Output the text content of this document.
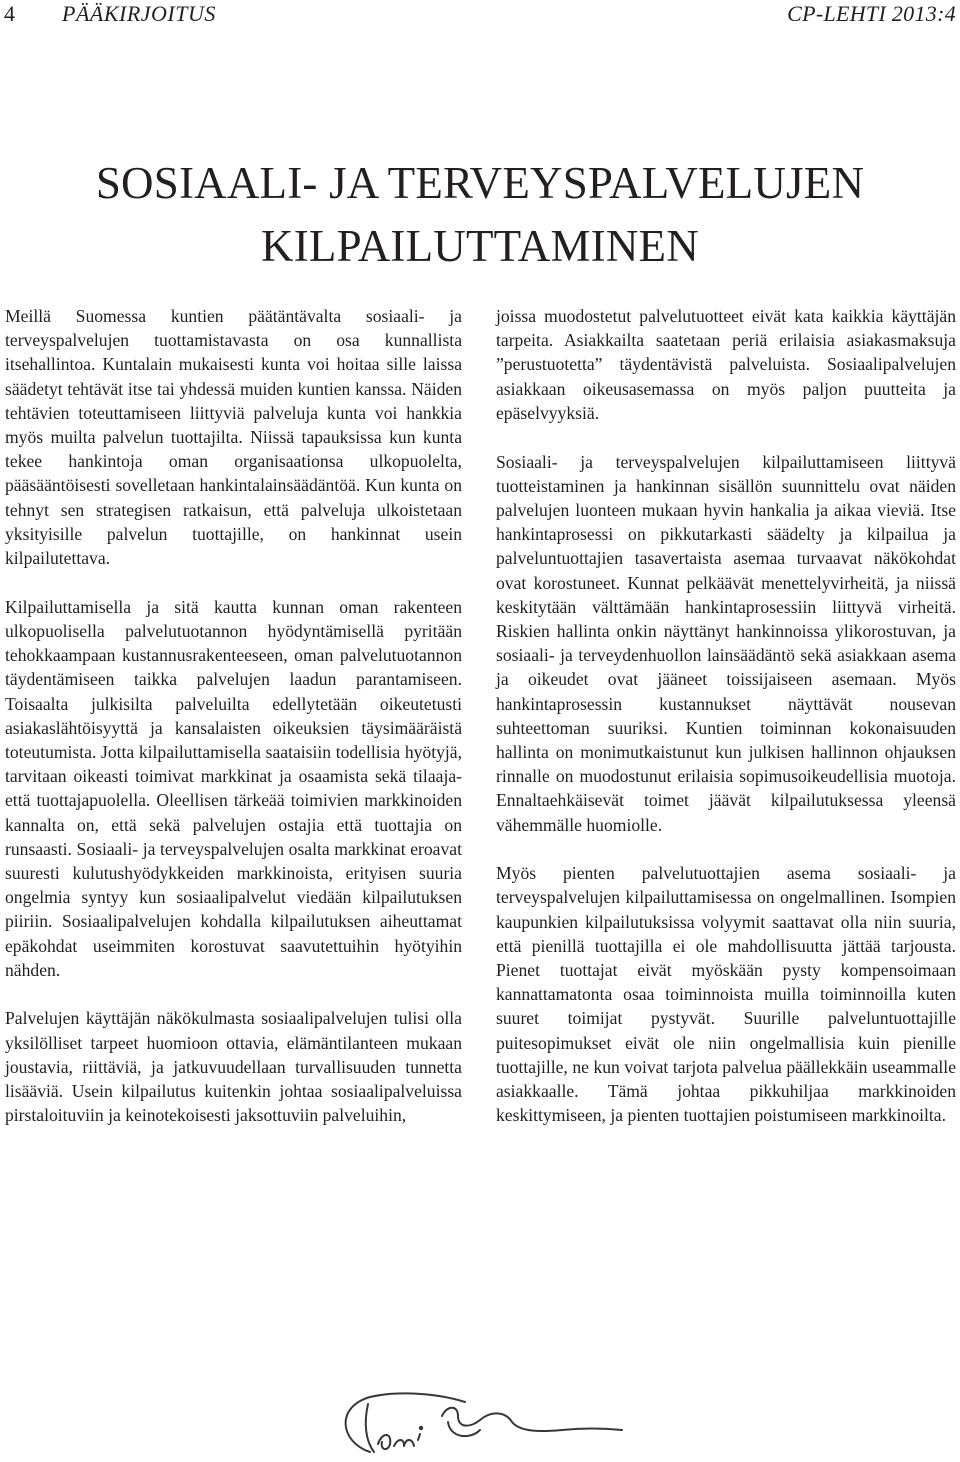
4 PÄÄKIRJOITUS	CP-LEHTI 2013:4
SOSIAALI- JA TERVEYSPALVELUJEN
KILPAILUTTAMINEN

Meillä Suomessa kuntien päätäntävalta sosiaali- ja terveyspalvelujen tuottamistavasta on osa kunnallista itsehallintoa. Kuntalain mukaisesti kunta voi hoitaa sille laissa säädetyt tehtävät itse tai yhdessä muiden kuntien kanssa. Näiden tehtävien toteuttamiseen liittyviä palveluja kunta voi hankkia myös muilta palvelun tuottajilta. Niissä tapauksissa kun kunta tekee hankintoja oman organisaationsa ulkopuolelta, pääsääntöisesti sovelletaan hankintalainsäädäntöä. Kun kunta on tehnyt sen strategisen ratkaisun, että palveluja ulkoistetaan yksityisille palvelun tuottajille, on hankinnat usein kilpailutettava.

Kilpailuttamisella ja sitä kautta kunnan oman rakenteen ulkopuolisella palvelutuotannon hyödyntämisellä pyritään tehokkaampaan kustannusrakenteeseen, oman palvelutuotannon täydentämiseen taikka palvelujen laadun parantamiseen. Toisaalta julkisilta palveluilta edellytetään oikeutetusti asiakaslähtöisyyttä ja kansalaisten oikeuksien täysimääräistä toteutumista. Jotta kilpailuttamisella saataisiin todellisia hyötyjä, tarvitaan oikeasti toimivat markkinat ja osaamista sekä tilaaja- että tuottajapuolella. Oleellisen tärkeää toimivien markkinoiden kannalta on, että sekä palvelujen ostajia että tuottajia on runsaasti. Sosiaali- ja terveyspalvelujen osalta markkinat eroavat suuresti kulutushyödykkeiden markkinoista, erityisen suuria ongelmia syntyy kun sosiaalipalvelut viedään kilpailutuksen piiriin. Sosiaalipalvelujen kohdalla kilpailutuksen aiheuttamat epäkohdat useimmiten korostuvat saavutettuihin hyötyihin nähden.

Palvelujen käyttäjän näkökulmasta sosiaalipalvelujen tulisi olla yksilölliset tarpeet huomioon ottavia, elämäntilanteen mukaan joustavia, riittäviä, ja jatkuvuudellaan turvallisuuden tunnetta lisääviä. Usein kilpailutus kuitenkin johtaa sosiaalipalveluissa pirstaloituviin ja keinotekoisesti jaksottuviin palveluihin,

joissa muodostetut palvelutuotteet eivät kata kaikkia käyttäjän tarpeita. Asiakkailta saatetaan periä erilaisia asiakasmaksuja ”perustuotetta” täydentävistä palveluista. Sosiaalipalvelujen asiakkaan oikeusasemassa on myös paljon puutteita ja epäselvyyksiä.

Sosiaali- ja terveyspalvelujen kilpailuttamiseen liittyvä tuotteistaminen ja hankinnan sisällön suunnittelu ovat näiden palvelujen luonteen mukaan hyvin hankalia ja aikaa vieviä. Itse hankintaprosessi on pikkutarkasti säädelty ja kilpailua ja palveluntuottajien tasavertaista asemaa turvaavat näkökohdat ovat korostuneet. Kunnat pelkäävät menettelyvirheitä, ja niissä keskitytään välttämään hankintaprosessiin liittyvä virheitä. Riskien hallinta onkin näyttänyt hankinnoissa ylikorostuvan, ja sosiaali- ja terveydenhuollon lainsäädäntö sekä asiakkaan asema ja oikeudet ovat jääneet toissijaiseen asemaan. Myös hankintaprosessin kustannukset näyttävät nousevan suhteettoman suuriksi. Kuntien toiminnan kokonaisuuden hallinta on monimutkaistunut kun julkisen hallinnon ohjauksen rinnalle on muodostunut erilaisia sopimusoikeudellisia muotoja. Ennaltaehkäisevät toimet jäävät kilpailutuksessa yleensä vähemmälle huomiolle.

Myös pienten palvelutuottajien asema sosiaali- ja terveyspalvelujen kilpailuttamisessa on ongelmallinen. Isompien kaupunkien kilpailutuksissa volyymit saattavat olla niin suuria, että pienillä tuottajilla ei ole mahdollisuutta jättää tarjousta. Pienet tuottajat eivät myöskään pysty kompensoimaan kannattamatonta osaa toiminnoista muilla toiminnoilla kuten suuret toimijat pystyvät. Suurille palveluntuottajille puitesopimukset eivät ole niin ongelmallisia kuin pienille tuottajille, ne kun voivat tarjota palvelua päällekkäin useammalle asiakkaalle. Tämä johtaa pikkuhiljaa markkinoiden keskittymiseen, ja pienten tuottajien poistumiseen markkinoilta.
